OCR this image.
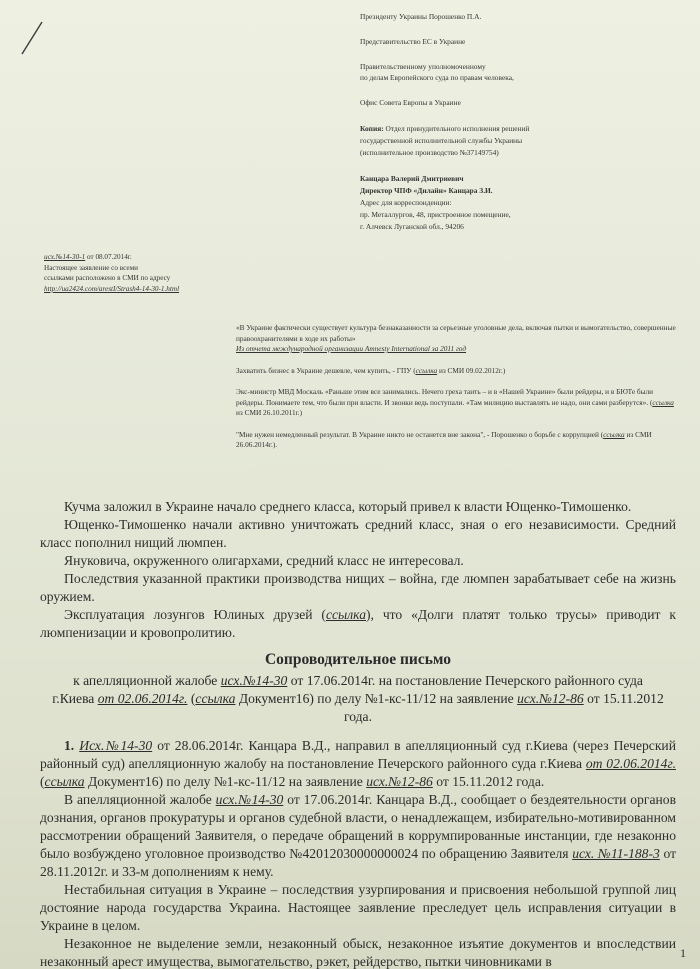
Президенту Украины Порошенко П.А.
Представительство ЕС в Украине
Правительственному уполномоченному
по делам Европейского суда по правам человека,
Офис Совета Европы в Украине
Копия: Отдел принудительного исполнения решений
государственной исполнительной службы Украины
(исполнительное производство №37149754)
Канцара Валерий Дмитриевич
Директор ЧПФ «Дилайн» Канцара З.И.
Адрес для корреспонденции:
пр. Металлургов, 48, пристроенное помещение,
г. Алчевск Луганской обл., 94206
исх.№14-30-1 от 08.07.2014г.
Настоящее заявление со всеми
ссылками расположено в СМИ по адресу
http://ua2424.com/arestI/Strash4-14-30-1.html
«В Украине фактически существует культура безнаказанности за серьезные уголовные дела, включая пытки и вымогательство, совершенные правоохранителями в ходе их работы»
Из отчета международной организации Amnesty International за 2011 год
Захватить бизнес в Украине дешевле, чем купить, - ГПУ (ссылка из СМИ 09.02.2012г.)
Экс-министр МВД Москаль «Раньше этим все занимались. Нечего греха таить – и в «Нашей Украине» были рейдеры, и в БЮТе были рейдеры. Понимаете тем, что были при власти. И звонки ведь поступали. «Там милицию выставлять не надо, они сами разберутся». (ссылка из СМИ 26.10.2011г.)
"Мне нужен немедленный результат. В Украине никто не останется вне закона", - Порошенко о борьбе с коррупцией (ссылка из СМИ 26.06.2014г.).

Кучма заложил в Украине начало среднего класса, который привел к власти Ющенко-Тимошенко.

Ющенко-Тимошенко начали активно уничтожать средний класс, зная о его независимости. Средний класс пополнил нищий люмпен.

Януковича, окруженного олигархами, средний класс не интересовал.

Последствия указанной практики производства нищих – война, где люмпен зарабатывает себе на жизнь оружием.

Эксплуатация лозунгов Юлиных друзей (ссылка), что «Долги платят только трусы» приводит к люмпенизации и кровопролитию.

Сопроводительное письмо
к апелляционной жалобе исх.№14-30 от 17.06.2014г. на постановление Печерского районного суда г.Киева от 02.06.2014г. (ссылка Документ16) по делу №1-кс-11/12 на заявление исх.№12-86 от 15.11.2012 года.

1. Исх.№14-30 от 28.06.2014г. Канцара В.Д., направил в апелляционный суд г.Киева (через Печерский районный суд) апелляционную жалобу на постановление Печерского районного суда г.Киева от 02.06.2014г. (ссылка Документ16) по делу №1-кс-11/12 на заявление исх.№12-86 от 15.11.2012 года.

В апелляционной жалобе исх.№14-30 от 17.06.2014г. Канцара В.Д., сообщает о бездеятельности органов дознания, органов прокуратуры и органов судебной власти, о ненадлежащем, избирательно-мотивированном рассмотрении обращений Заявителя, о передаче обращений в коррумпированные инстанции, где незаконно было возбуждено уголовное производство №42012030000000024 по обращению Заявителя исх. №11-188-3 от 28.11.2012г. и 33-м дополнениям к нему.

Нестабильная ситуация в Украине – последствия узурпирования и присвоения небольшой группой лиц достояние народа государства Украина. Настоящее заявление преследует цель исправления ситуации в Украине в целом.

Незаконное не выделение земли, незаконный обыск, незаконное изъятие документов и впоследствии незаконный арест имущества, вымогательство, рэкет, рейдерство, пытки чиновниками в

1
